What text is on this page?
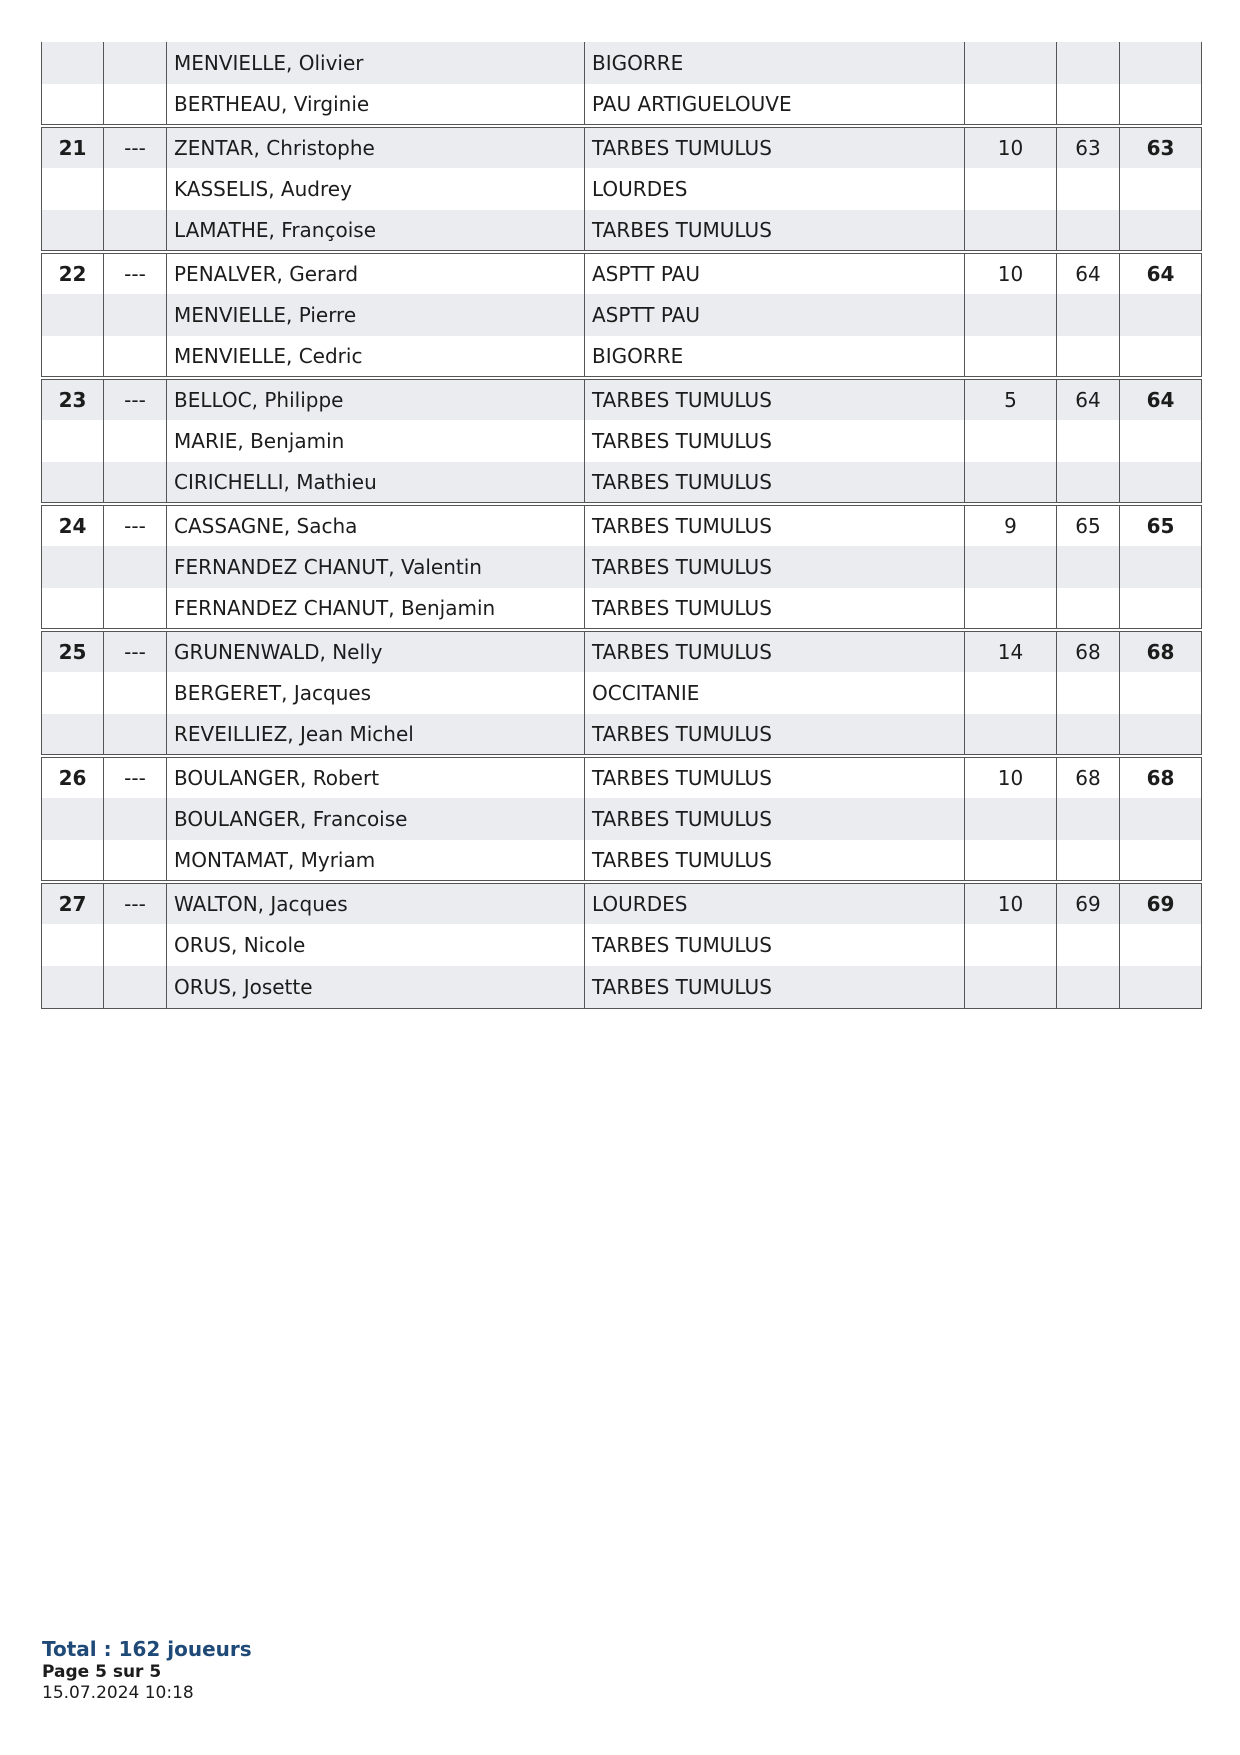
		MENVIELLE, Olivier	BIGORRE			
		BERTHEAU, Virginie	PAU ARTIGUELOUVE			
21	---	ZENTAR, Christophe	TARBES TUMULUS	10	63	63
		KASSELIS, Audrey	LOURDES			
		LAMATHE, Françoise	TARBES TUMULUS			
22	---	PENALVER, Gerard	ASPTT PAU	10	64	64
		MENVIELLE, Pierre	ASPTT PAU			
		MENVIELLE, Cedric	BIGORRE			
23	---	BELLOC, Philippe	TARBES TUMULUS	5	64	64
		MARIE, Benjamin	TARBES TUMULUS			
		CIRICHELLI, Mathieu	TARBES TUMULUS			
24	---	CASSAGNE, Sacha	TARBES TUMULUS	9	65	65
		FERNANDEZ CHANUT, Valentin	TARBES TUMULUS			
		FERNANDEZ CHANUT, Benjamin	TARBES TUMULUS			
25	---	GRUNENWALD, Nelly	TARBES TUMULUS	14	68	68
		BERGERET, Jacques	OCCITANIE			
		REVEILLIEZ, Jean Michel	TARBES TUMULUS			
26	---	BOULANGER, Robert	TARBES TUMULUS	10	68	68
		BOULANGER, Francoise	TARBES TUMULUS			
		MONTAMAT, Myriam	TARBES TUMULUS			
27	---	WALTON, Jacques	LOURDES	10	69	69
		ORUS, Nicole	TARBES TUMULUS			
		ORUS, Josette	TARBES TUMULUS			
Total : 162 joueurs
Page 5 sur 5
15.07.2024 10:18
